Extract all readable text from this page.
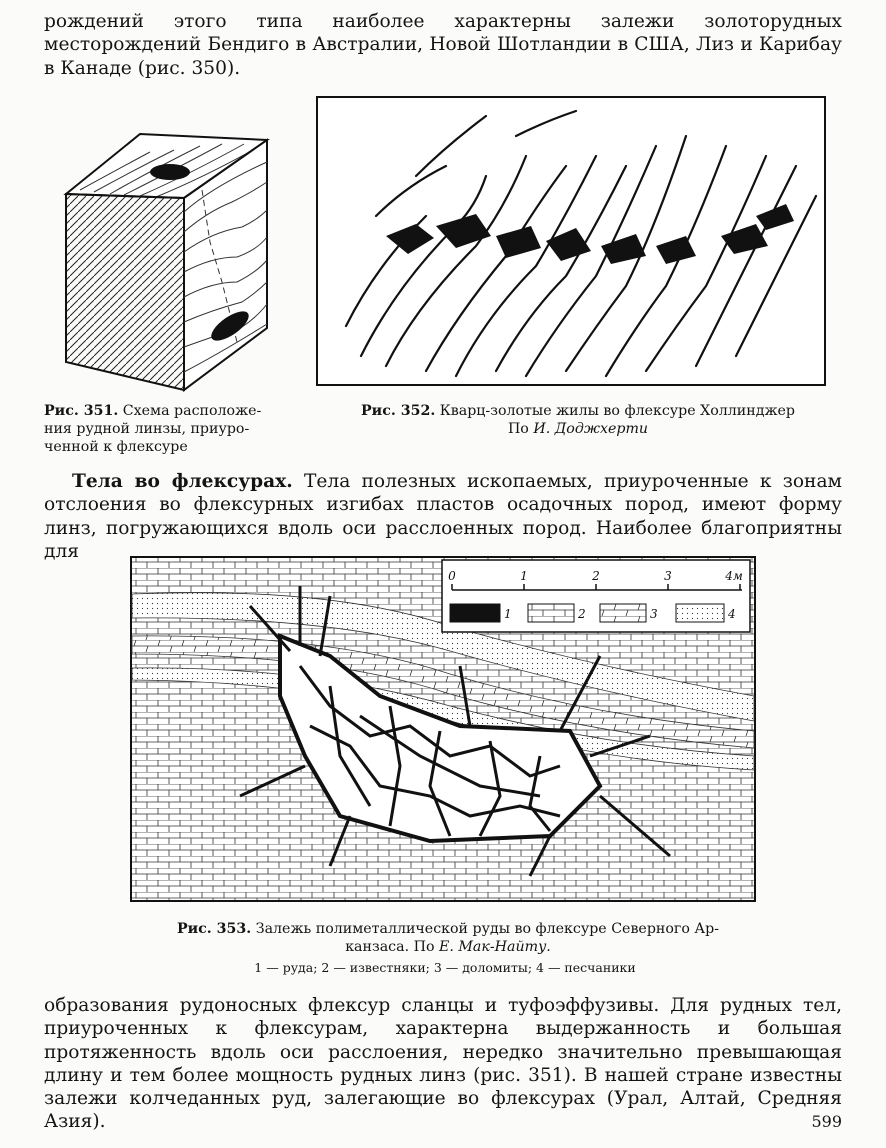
рождений этого типа наиболее характерны залежи золоторудных месторождений Бендиго в Австралии, Новой Шотландии в США, Лиз и Карибау в Канаде (рис. 350).

Рис. 351. Схема расположе-
ния рудной линзы, приуро-
ченной к флексуре
Рис. 352. Кварц-золотые жилы во флексуре Холлинджер
По И. Доджхерти

Тела во флексурах. Тела полезных ископаемых, приуроченные к зонам отслоения во флексурных изгибах пластов осадочных пород, имеют форму линз, погружающихся вдоль оси расслоенных пород. Наиболее благоприятны для

0	1	2	3	4м
1	2	3	4
Рис. 353. Залежь полиметаллической руды во флексуре Северного Ар-
канзаса. По Е. Мак-Найту.
1 — руда; 2 — известняки; 3 — доломиты; 4 — песчаники

образования рудоносных флексур сланцы и туфоэффузивы. Для рудных тел, приуроченных к флексурам, характерна выдержанность и большая протяженность вдоль оси расслоения, нередко значительно превышающая длину и тем более мощность рудных линз (рис. 351). В нашей стране известны залежи колчеданных руд, залегающие во флексурах (Урал, Алтай, Средняя Азия).	599
